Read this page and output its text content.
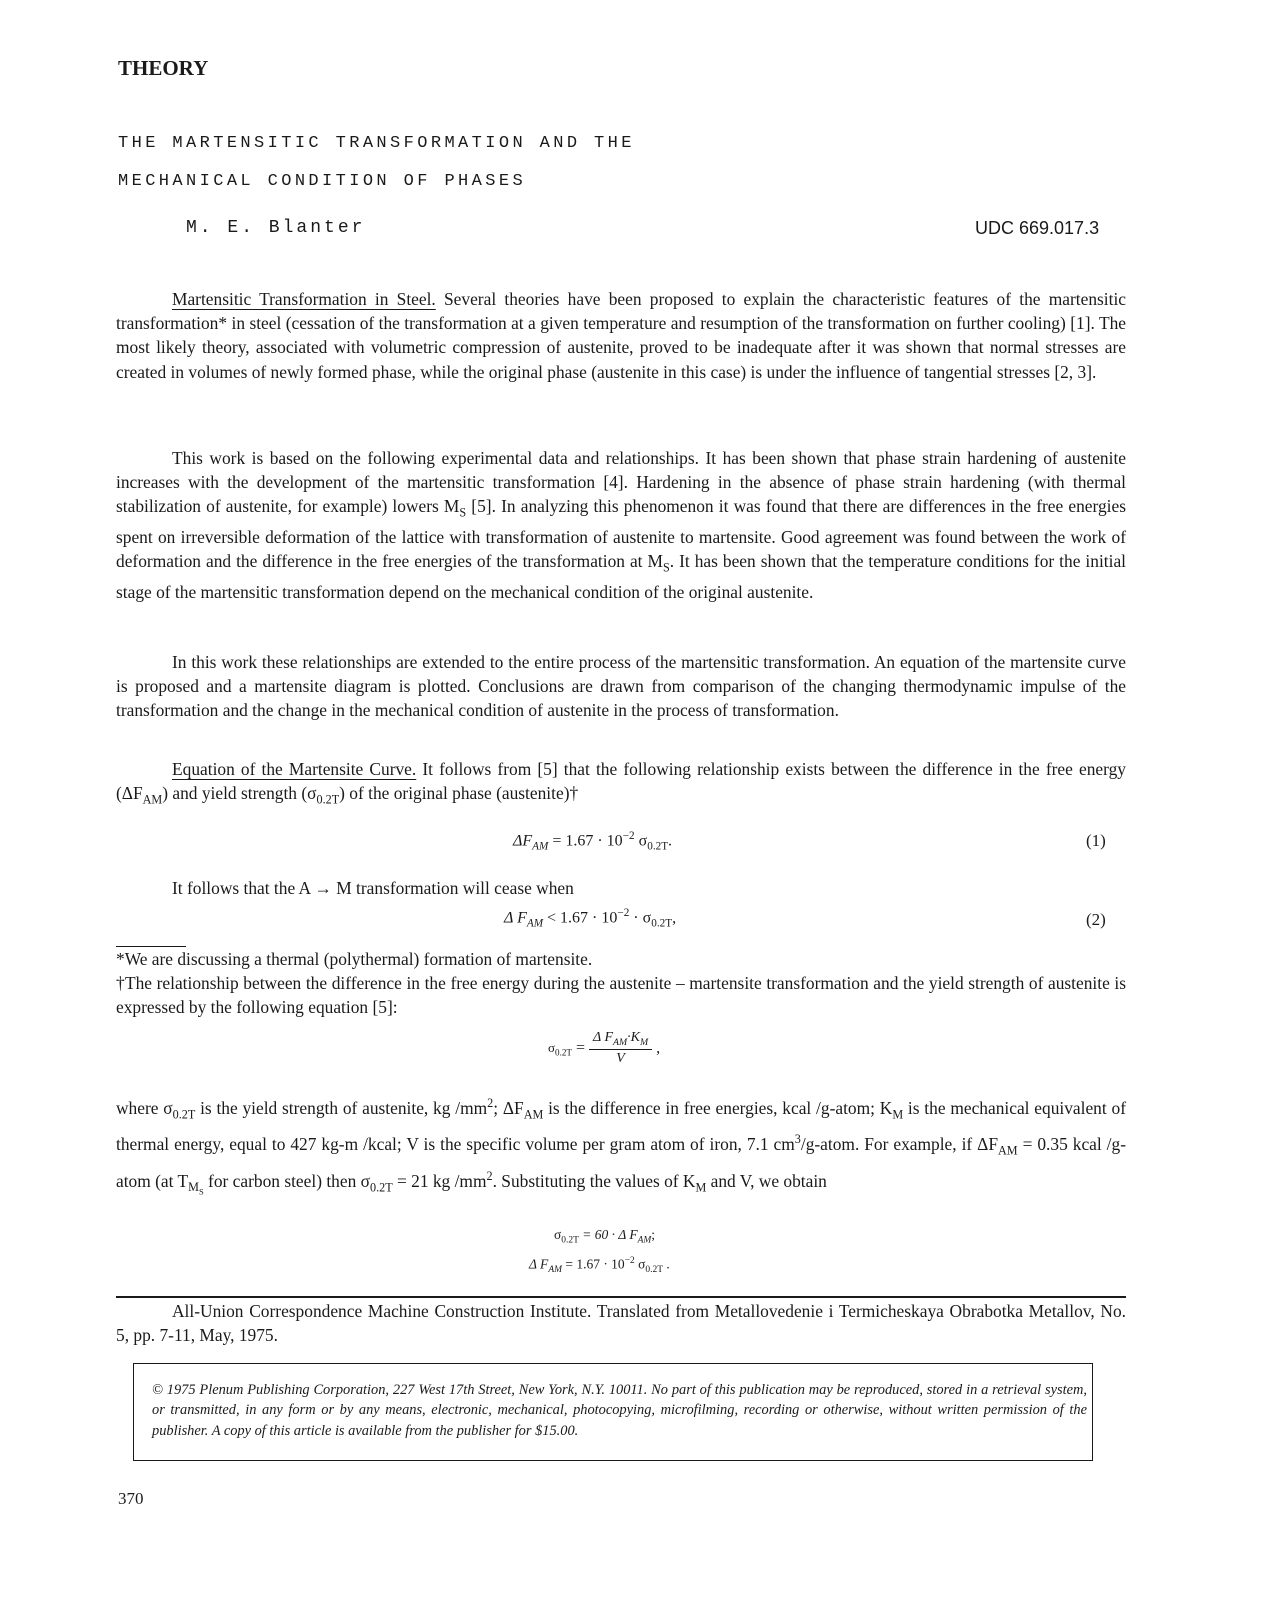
THEORY
THE MARTENSITIC TRANSFORMATION AND THE
MECHANICAL CONDITION OF PHASES
M. E. Blanter	UDC 669.017.3
Martensitic Transformation in Steel. Several theories have been proposed to explain the characteristic features of the martensitic transformation* in steel (cessation of the transformation at a given temperature and resumption of the transformation on further cooling) [1]. The most likely theory, associated with volumetric compression of austenite, proved to be inadequate after it was shown that normal stresses are created in volumes of newly formed phase, while the original phase (austenite in this case) is under the influence of tangential stresses [2, 3].
This work is based on the following experimental data and relationships. It has been shown that phase strain hardening of austenite increases with the development of the martensitic transformation [4]. Hardening in the absence of phase strain hardening (with thermal stabilization of austenite, for example) lowers $M_S$ [5]. In analyzing this phenomenon it was found that there are differences in the free energies spent on irreversible deformation of the lattice with transformation of austenite to martensite. Good agreement was found between the work of deformation and the difference in the free energies of the transformation at $M_S$. It has been shown that the temperature conditions for the initial stage of the martensitic transformation depend on the mechanical condition of the original austenite.
In this work these relationships are extended to the entire process of the martensitic transformation. An equation of the martensite curve is proposed and a martensite diagram is plotted. Conclusions are drawn from comparison of the changing thermodynamic impulse of the transformation and the change in the mechanical condition of austenite in the process of transformation.
Equation of the Martensite Curve. It follows from [5] that the following relationship exists between the difference in the free energy $(\Delta F_{AM})$ and yield strength $(\sigma_{0.2T})$ of the original phase (austenite)†
$\Delta F_{AM} = 1.67 \cdot 10^{-2}$ $\sigma_{0.2T}$.	(1)
It follows that the A → M transformation will cease when
Δ $F_{AM} < 1.67 \cdot 10^{-2} \cdot \sigma_{0.2T}$,	(2)
*We are discussing a thermal (polythermal) formation of martensite.
†The relationship between the difference in the free energy during the austenite – martensite transformation and the yield strength of austenite is expressed by the following equation [5]:
$\sigma_{0.2T} = \frac{\Delta F_{AM}\cdot K_M}{V}$ ,
where $\sigma_{0.2T}$ is the yield strength of austenite, kg $/mm^2$; $\Delta F_{AM}$ is the difference in free energies, kcal /g-atom; $K_M$ is the mechanical equivalent of thermal energy, equal to 427 kg-m /kcal; V is the specific volume per gram atom of iron, 7.1 $cm^3/g$-atom. For example, if $\Delta F_{AM} = 0.35$ kcal /g-atom (at $T_{M_S}$ for carbon steel) then $\sigma_{0.2T} = 21$ kg $/mm^2$. Substituting the values of $K_M$ and V, we obtain
$\sigma_{0.2T} = 60 \cdot \Delta$ $F_{AM}$;
Δ $F_{AM} = 1.67 \cdot 10^{-2}$ $\sigma_{0.2T}$ .
All-Union Correspondence Machine Construction Institute. Translated from Metallovedenie i Termicheskaya Obrabotka Metallov, No. 5, pp. 7-11, May, 1975.
© 1975 Plenum Publishing Corporation, 227 West 17th Street, New York, N.Y. 10011. No part of this publication may be reproduced, stored in a retrieval system, or transmitted, in any form or by any means, electronic, mechanical, photocopying, microfilming, recording or otherwise, without written permission of the publisher. A copy of this article is available from the publisher for $15.00.
370
